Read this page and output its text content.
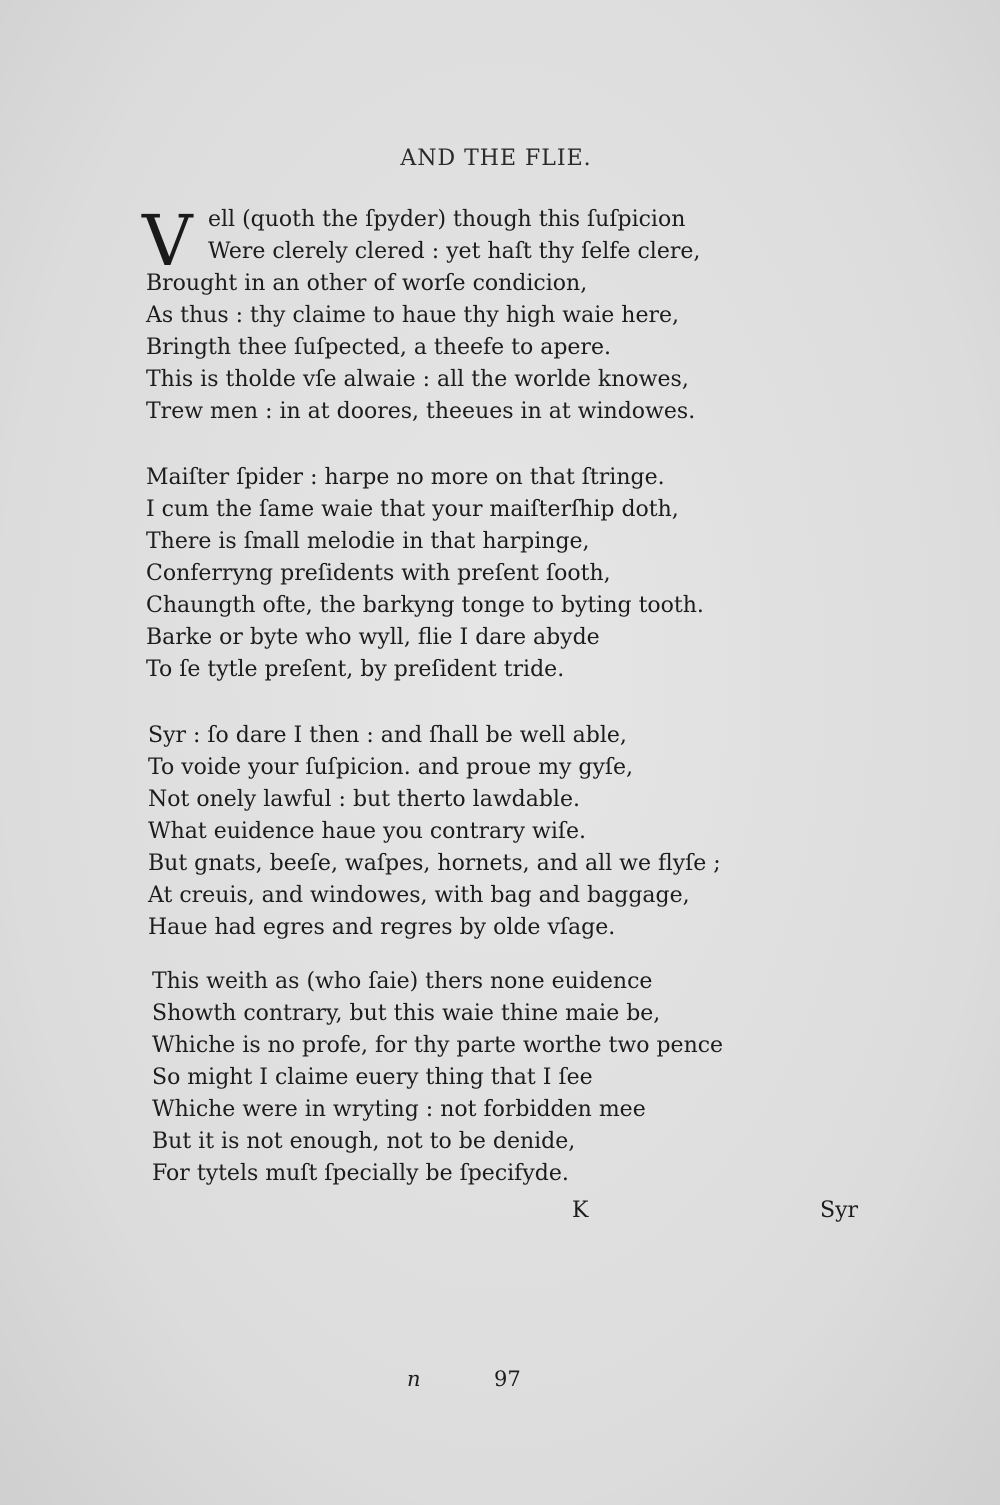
AND THE FLIE.
V ell (quoth the ſpyder) though this ſuſpicion
Were clerely clered : yet haſt thy ſelfe clere,
Brought in an other of worſe condicion,
As thus : thy claime to haue thy high waie here,
Bringth thee ſuſpected, a theefe to apere.
This is tholde vſe alwaie : all the worlde knowes,
Trew men : in at doores, theeues in at windowes.
Maiſter ſpider : harpe no more on that ſtringe.
I cum the ſame waie that your maiſterſhip doth,
There is ſmall melodie in that harpinge,
Conferryng preſidents with preſent ſooth,
Chaungth ofte, the barkyng tonge to byting tooth.
Barke or byte who wyll, flie I dare abyde
To ſe tytle preſent, by preſident tride.
Syr : ſo dare I then : and ſhall be well able,
To voide your ſuſpicion. and proue my gyſe,
Not onely lawful : but therto lawdable.
What euidence haue you contrary wiſe.
But gnats, beeſe, waſpes, hornets, and all we flyſe ;
At creuis, and windowes, with bag and baggage,
Haue had egres and regres by olde vſage.
This weith as (who ſaie) thers none euidence
Showth contrary, but this waie thine maie be,
Whiche is no profe, for thy parte worthe two pence
So might I claime euery thing that I ſee
Whiche were in wryting : not forbidden mee
But it is not enough, not to be denide,
For tytels muſt ſpecially be ſpecifyde.
K	Syr
n	97
